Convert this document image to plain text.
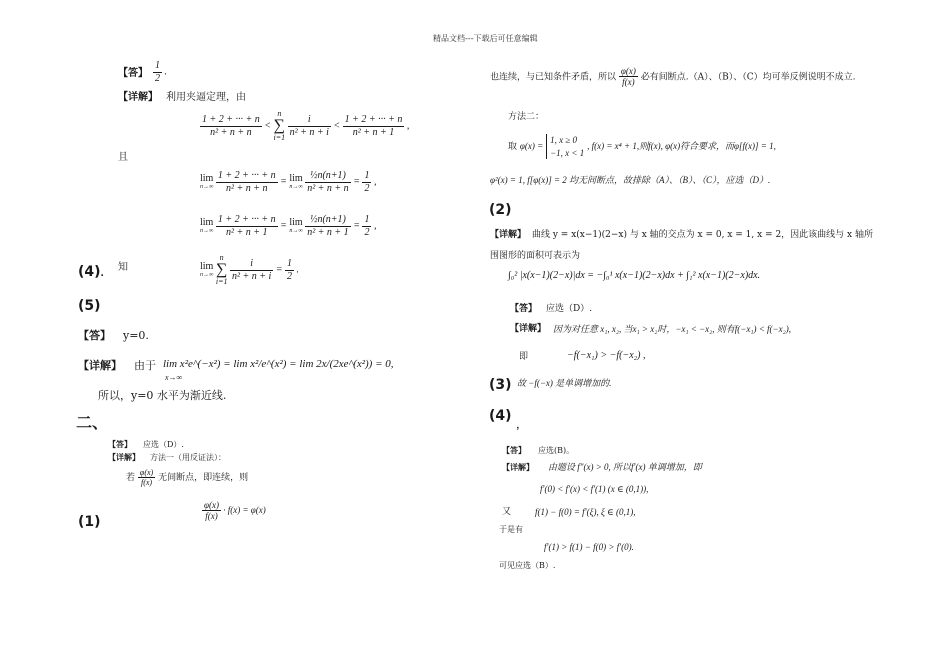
精品文档---下载后可任意编辑
【答】 $\frac{1}{2}$ .
【详解】 利用夹逼定理，由
$\frac{1 + 2 + \cdot\cdot\cdot + n}{\text{n² + n + n}}$ <
n
∑
i=1
$\frac{i}{\text{n² + n + i}} < \frac{1 + 2 + \cdot\cdot\cdot + n}{\text{n² + n + 1}}$ ,
且
lim
n→∞
$\frac{1 + 2 + \cdot\cdot\cdot + n}{\text{n² + n + n}} = \lim$
n→∞
$\frac{\text{½n(n+1)}}{\text{n² + n + n}} = \frac{1}{2}$ ,
lim
n→∞
$\frac{1 + 2 + \cdot\cdot\cdot + n}{\text{n² + n + 1}} = \lim$
n→∞
$\frac{\text{½n(n+1)}}{\text{n² + n + 1}} = \frac{1}{2}$ ,
(4).
知	lim
n→∞

n
∑
i=1
$\frac{i}{\text{n² + n + i}} = \frac{1}{2}$ .
(5)
【答】 y=0.
【详解】 由于 lim x²e^(−x²) = lim x²/e^(x²) = lim 2x/(2xe^(x²)) = 0,
x→∞
所以，y=0 水平为渐近线.
二、
【答】 应选（D）.
【详解】 方法一（用反证法）：
若 $\frac{\varphi(x)}{f(x)}$ 无间断点，即连续，则
$\frac{\varphi(x)}{f(x)} \cdot f(x) = \varphi(x)$
(1)
也连续，与已知条件矛盾，所以 $\frac{\varphi(x)}{f(x)}$ 必有间断点.（A）、（B）、（C）均可举反例说明不成立.
方法二：
取 φ(x) =
1, x ≥ 0
−1, x < 1
, f(x) = x⁴ + 1,则f(x), φ(x)符合要求，而φ[f(x)] = 1,
φ²(x) = 1, f[φ(x)] = 2 均无间断点，故排除（A）、（B）、（C），应选（D）.
(2)
【详解】 曲线 y = x(x−1)(2−x) 与 x 轴的交点为 x = 0, x = 1, x = 2，因此该曲线与 x 轴所
围图形的面积可表示为
∫₀² |x(x−1)(2−x)|dx = −∫₀¹ x(x−1)(2−x)dx + ∫₁² x(x−1)(2−x)dx.
【答】 应选（D）.
【详解】 因为对任意 x₁, x₂, 当x₁ > x₂时，−x₁ < −x₂, 则有f(−x₁) < f(−x₂),
即	−f(−x₁) > −f(−x₂) ,
(3) 故 −f(−x) 是单调增加的.
(4) $_,$
【答】 应选(B)。
【详解】 由题设 f″(x) > 0, 所以f′(x) 单调增加，即
f′(0) < f′(x) < f′(1) (x ∈ (0,1)),
又	f(1) − f(0) = f′(ξ), ξ ∈ (0,1),
于是有
f′(1) > f(1) − f(0) > f′(0).
可见应选（B）.
